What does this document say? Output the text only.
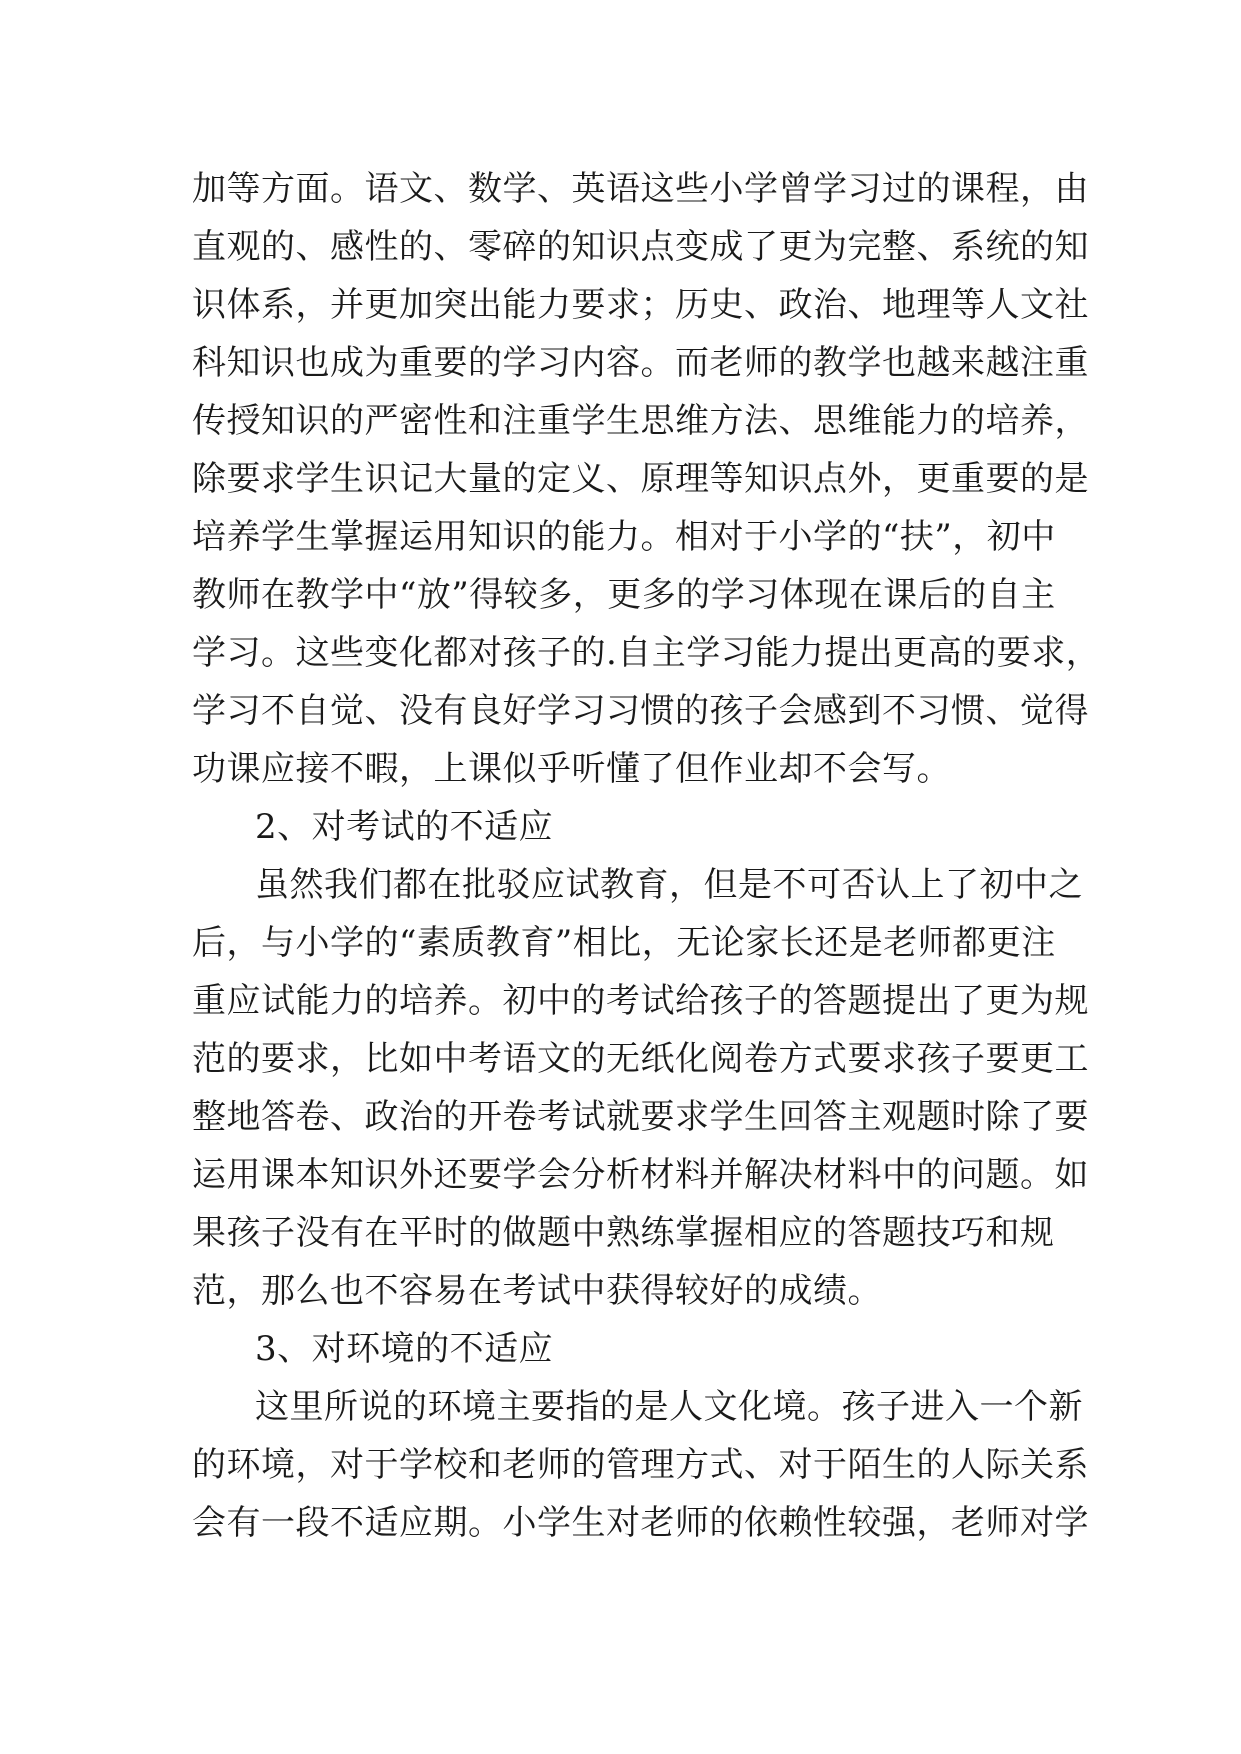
加等方面。语文、数学、英语这些小学曾学习过的课程，由
直观的、感性的、零碎的知识点变成了更为完整、系统的知
识体系，并更加突出能力要求；历史、政治、地理等人文社
科知识也成为重要的学习内容。而老师的教学也越来越注重
传授知识的严密性和注重学生思维方法、思维能力的培养，
除要求学生识记大量的定义、原理等知识点外，更重要的是
培养学生掌握运用知识的能力。相对于小学的“扶”，初中
教师在教学中“放”得较多，更多的学习体现在课后的自主
学习。这些变化都对孩子的.自主学习能力提出更高的要求，
学习不自觉、没有良好学习习惯的孩子会感到不习惯、觉得
功课应接不暇，上课似乎听懂了但作业却不会写。
2、对考试的不适应
虽然我们都在批驳应试教育，但是不可否认上了初中之
后，与小学的“素质教育”相比，无论家长还是老师都更注
重应试能力的培养。初中的考试给孩子的答题提出了更为规
范的要求，比如中考语文的无纸化阅卷方式要求孩子要更工
整地答卷、政治的开卷考试就要求学生回答主观题时除了要
运用课本知识外还要学会分析材料并解决材料中的问题。如
果孩子没有在平时的做题中熟练掌握相应的答题技巧和规
范，那么也不容易在考试中获得较好的成绩。
3、对环境的不适应
这里所说的环境主要指的是人文化境。孩子进入一个新
的环境，对于学校和老师的管理方式、对于陌生的人际关系
会有一段不适应期。小学生对老师的依赖性较强，老师对学
